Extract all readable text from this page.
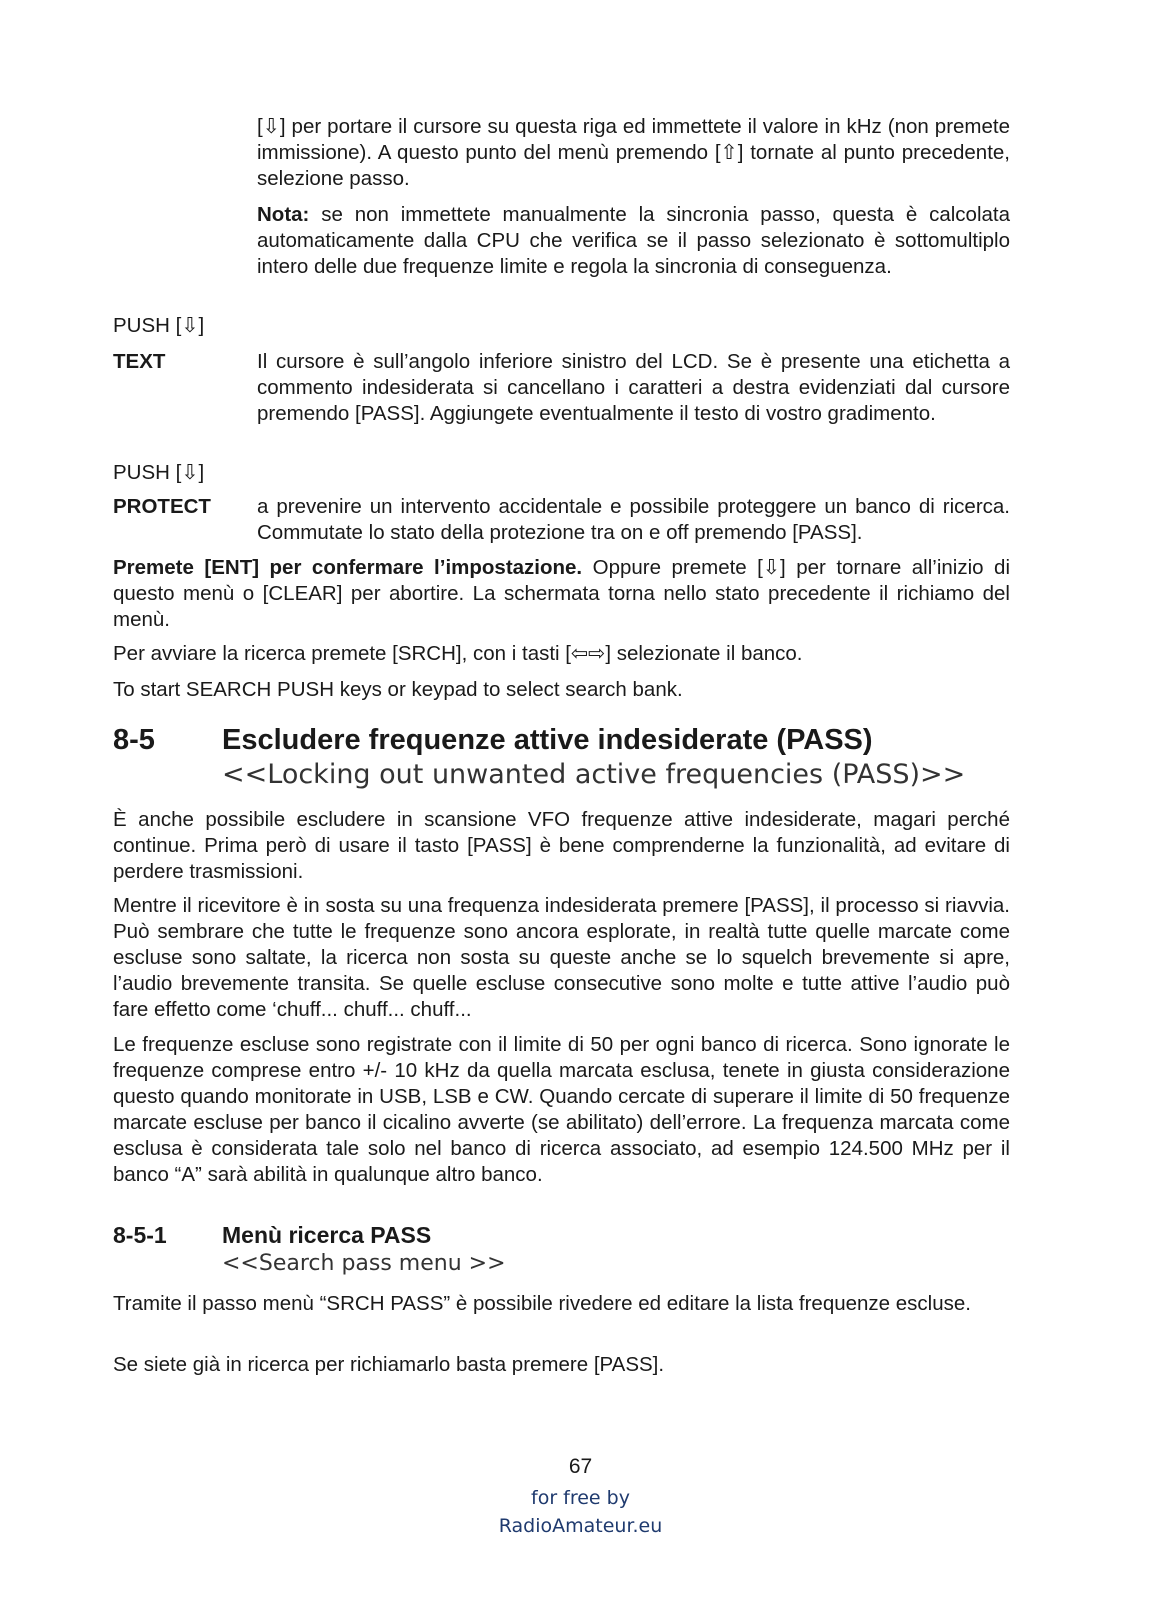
[⇩] per portare il cursore su questa riga ed immettete il valore in kHz (non premete immissione). A questo punto del menù premendo [⇧] tornate al punto precedente, selezione passo.

Nota: se non immettete manualmente la sincronia passo, questa è calcolata automaticamente dalla CPU che verifica se il passo selezionato è sottomultiplo intero delle due frequenze limite e regola la sincronia di conseguenza.

PUSH [⇩]
TEXT	Il cursore è sull’angolo inferiore sinistro del LCD. Se è presente una etichetta a commento indesiderata si cancellano i caratteri a destra evidenziati dal cursore premendo [PASS]. Aggiungete eventualmente il testo di vostro gradimento.

PUSH [⇩]
PROTECT a prevenire un intervento accidentale e possibile proteggere un banco di ricerca. Commutate lo stato della protezione tra on e off premendo [PASS].

Premete [ENT] per confermare l’impostazione. Oppure premete [⇩] per tornare all’inizio di questo menù o [CLEAR] per abortire. La schermata torna nello stato precedente il richiamo del menù.

Per avviare la ricerca premete [SRCH], con i tasti [⇦⇨] selezionate il banco.

To start SEARCH PUSH keys or keypad to select search bank.

8-5 Escludere frequenze attive indesiderate (PASS)
<<Locking out unwanted active frequencies (PASS)>>

È anche possibile escludere in scansione VFO frequenze attive indesiderate, magari perché continue. Prima però di usare il tasto [PASS] è bene comprenderne la funzionalità, ad evitare di perdere trasmissioni.

Mentre il ricevitore è in sosta su una frequenza indesiderata premere [PASS], il processo si riavvia. Può sembrare che tutte le frequenze sono ancora esplorate, in realtà tutte quelle marcate come escluse sono saltate, la ricerca non sosta su queste anche se lo squelch brevemente si apre, l’audio brevemente transita. Se quelle escluse consecutive sono molte e tutte attive l’audio può fare effetto come ‘chuff... chuff... chuff...

Le frequenze escluse sono registrate con il limite di 50 per ogni banco di ricerca. Sono ignorate le frequenze comprese entro +/- 10 kHz da quella marcata esclusa, tenete in giusta considerazione questo quando monitorate in USB, LSB e CW. Quando cercate di superare il limite di 50 frequenze marcate escluse per banco il cicalino avverte (se abilitato) dell’errore. La frequenza marcata come esclusa è considerata tale solo nel banco di ricerca associato, ad esempio 124.500 MHz per il banco “A” sarà abilità in qualunque altro banco.

8-5-1 Menù ricerca PASS
<<Search pass menu >>

Tramite il passo menù “SRCH PASS” è possibile rivedere ed editare la lista frequenze escluse.

Se siete già in ricerca per richiamarlo basta premere [PASS].

67
for free by
RadioAmateur.eu
